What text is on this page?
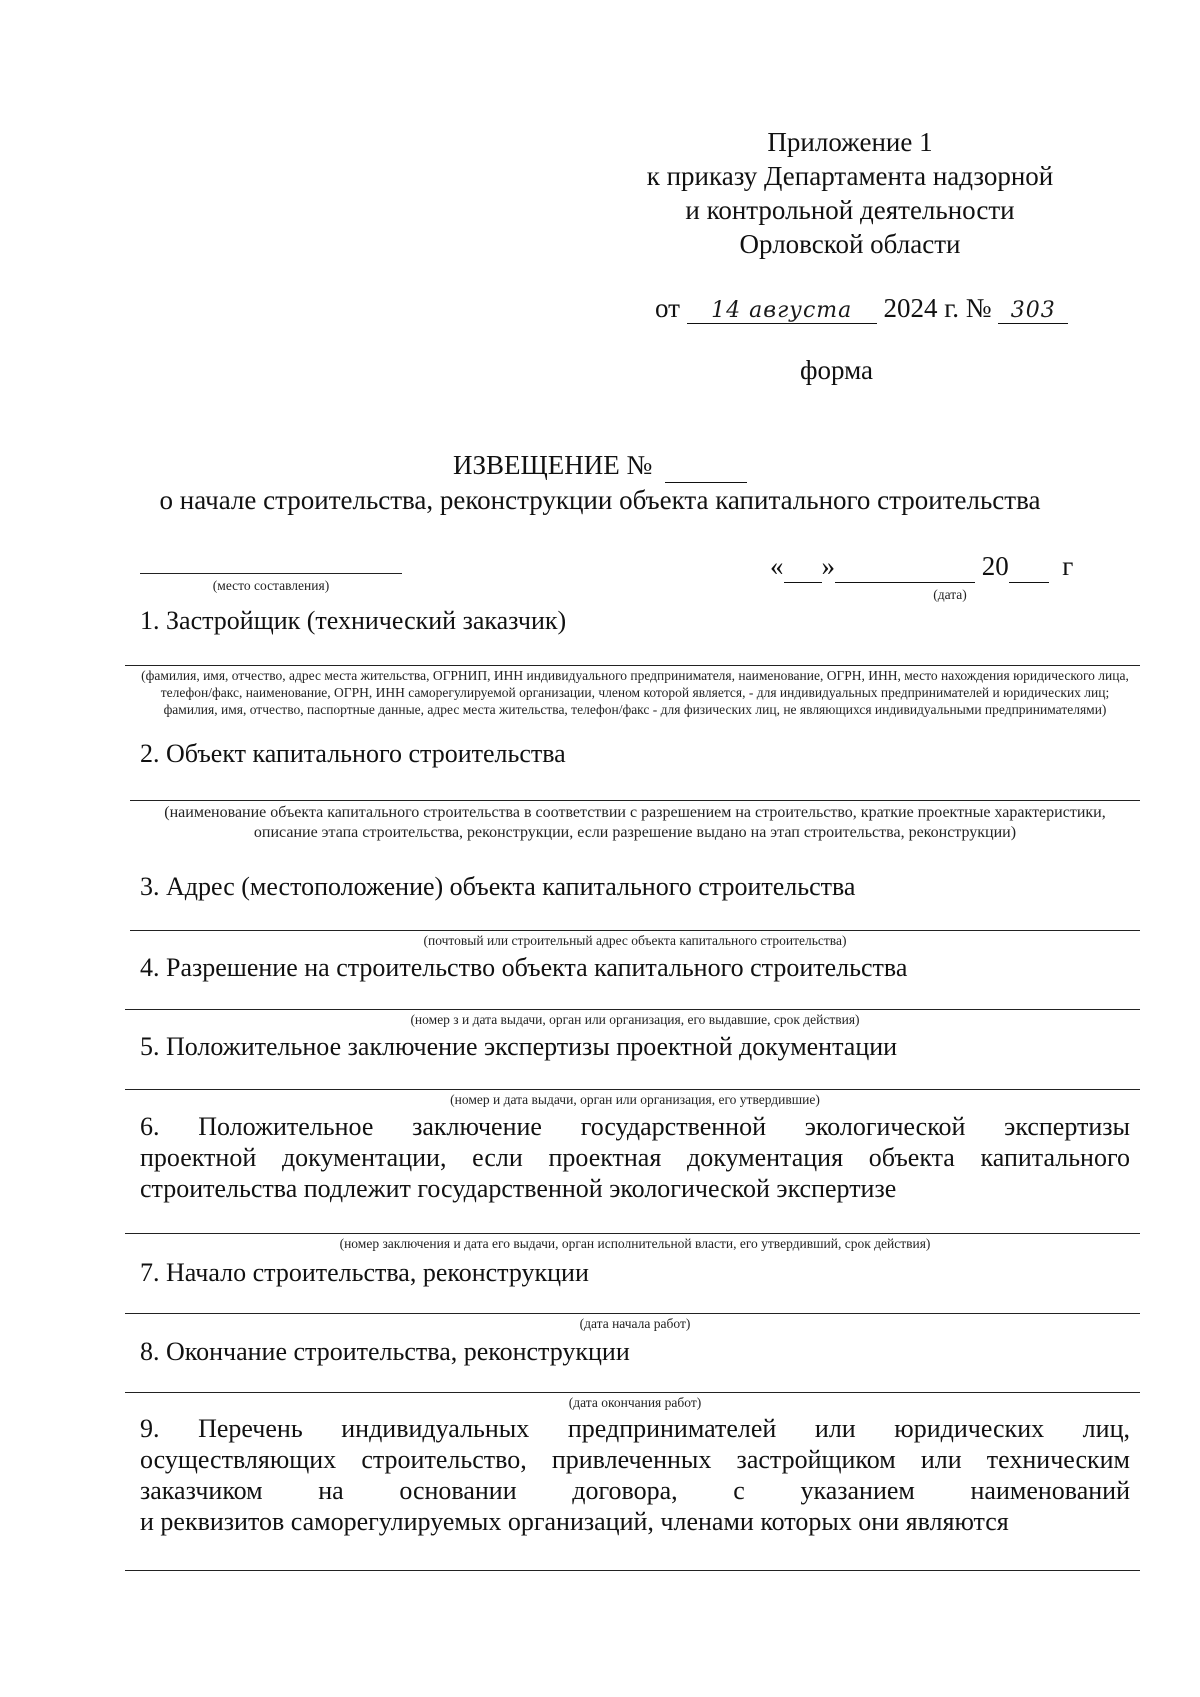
Приложение 1
к приказу Департамента надзорной
и контрольной деятельности
Орловской области
от 14 августа 2024 г. № 303
форма
ИЗВЕЩЕНИЕ №
о начале строительства, реконструкции объекта капитального строительства
(место составления)
« »	20 г
(дата)
1. Застройщик (технический заказчик)
(фамилия, имя, отчество, адрес места жительства, ОГРНИП, ИНН индивидуального предпринимателя, наименование, ОГРН, ИНН, место нахождения юридического лица, телефон/факс, наименование, ОГРН, ИНН саморегулируемой организации, членом которой является, - для индивидуальных предпринимателей и юридических лиц; фамилия, имя, отчество, паспортные данные, адрес места жительства, телефон/факс - для физических лиц, не являющихся индивидуальными предпринимателями)
2. Объект капитального строительства
(наименование объекта капитального строительства в соответствии с разрешением на строительство, краткие проектные характеристики, описание этапа строительства, реконструкции, если разрешение выдано на этап строительства, реконструкции)
3. Адрес (местоположение) объекта капитального строительства
(почтовый или строительный адрес объекта капитального строительства)
4. Разрешение на строительство объекта капитального строительства
(номер з и дата выдачи, орган или организация, его выдавшие, срок действия)
5. Положительное заключение экспертизы проектной документации
(номер и дата выдачи, орган или организация, его утвердившие)
6. Положительное заключение государственной экологической экспертизы
проектной документации, если проектная документация объекта капитального
строительства подлежит государственной экологической экспертизе
(номер заключения и дата его выдачи, орган исполнительной власти, его утвердивший, срок действия)
7. Начало строительства, реконструкции
(дата начала работ)
8. Окончание строительства, реконструкции
(дата окончания работ)
9. Перечень индивидуальных предпринимателей или юридических лиц,
осуществляющих строительство, привлеченных застройщиком или техническим
заказчиком на основании договора, с указанием наименований
и реквизитов саморегулируемых организаций, членами которых они являются
